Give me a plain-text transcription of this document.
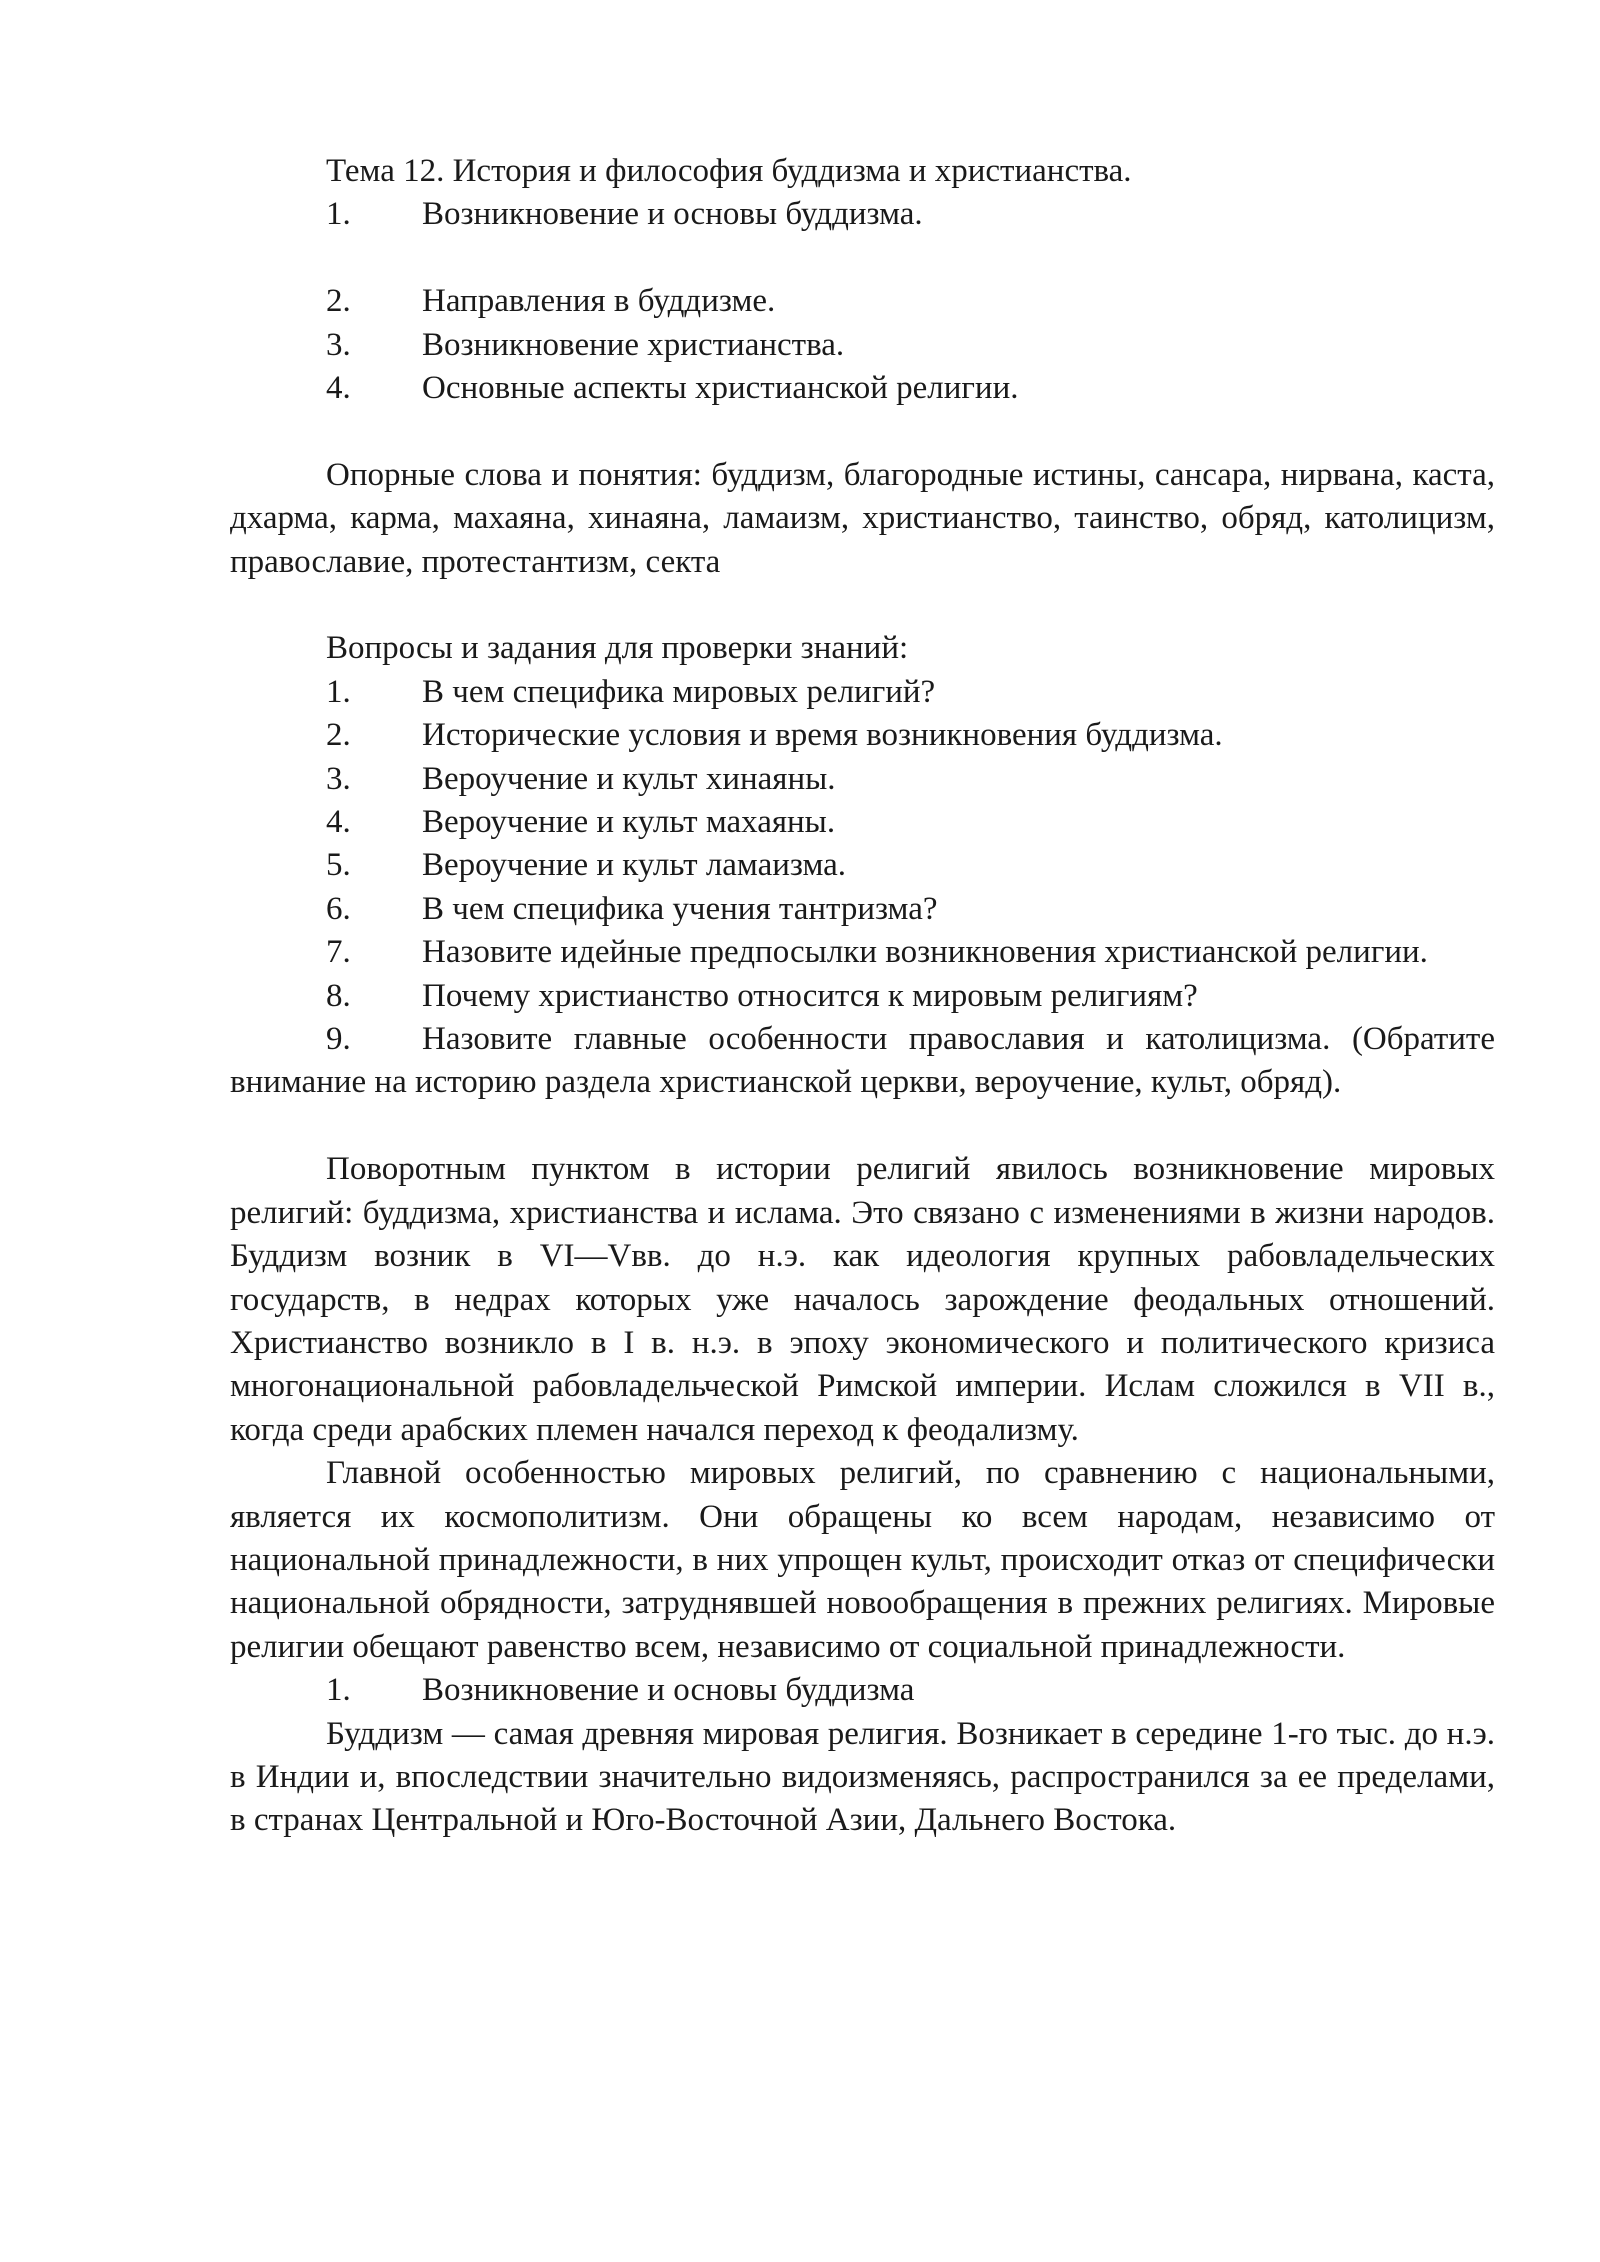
Тема 12. История и философия буддизма и христианства.

1. Возникновение и основы буддизма.

2. Направления в буддизме.

3. Возникновение христианства.

4. Основные аспекты христианской религии.

Опорные слова и понятия: буддизм, благородные истины, сансара, нирвана, каста, дхарма, карма, махаяна, хинаяна, ламаизм, христианство, таинство, обряд, католицизм, православие, протестантизм, секта

Вопросы и задания для проверки знаний:

1. В чем специфика мировых религий?

2. Исторические условия и время возникновения буддизма.

3. Вероучение и культ хинаяны.

4. Вероучение и культ махаяны.

5. Вероучение и культ ламаизма.

6. В чем специфика учения тантризма?

7. Назовите идейные предпосылки возникновения христианской религии.

8. Почему христианство относится к мировым религиям?

9. Назовите главные особенности православия и католицизма. (Обратите внимание на историю раздела христианской церкви, вероучение, культ, обряд).

Поворотным пунктом в истории религий явилось возникновение мировых религий: буддизма, христианства и ислама. Это связано с изменениями в жизни народов. Буддизм возник в VI—Vвв. до н.э. как идеология крупных рабовладельческих государств, в недрах которых уже началось зарождение феодальных отношений. Христианство возникло в I в. н.э. в эпоху экономического и политического кризиса многонациональной рабовладельческой Римской империи. Ислам сложился в VII в., когда среди арабских племен начался переход к феодализму.

Главной особенностью мировых религий, по сравнению с национальными, является их космополитизм. Они обращены ко всем народам, независимо от национальной принадлежности, в них упрощен культ, происходит отказ от специфически национальной обрядности, затруднявшей новообращения в прежних религиях. Мировые религии обещают равенство всем, независимо от социальной принадлежности.

1. Возникновение и основы буддизма

Буддизм — самая древняя мировая религия. Возникает в середине 1-го тыс. до н.э. в Индии и, впоследствии значительно видоизменяясь, распространился за ее пределами, в странах Центральной и Юго-Восточной Азии, Дальнего Востока.
